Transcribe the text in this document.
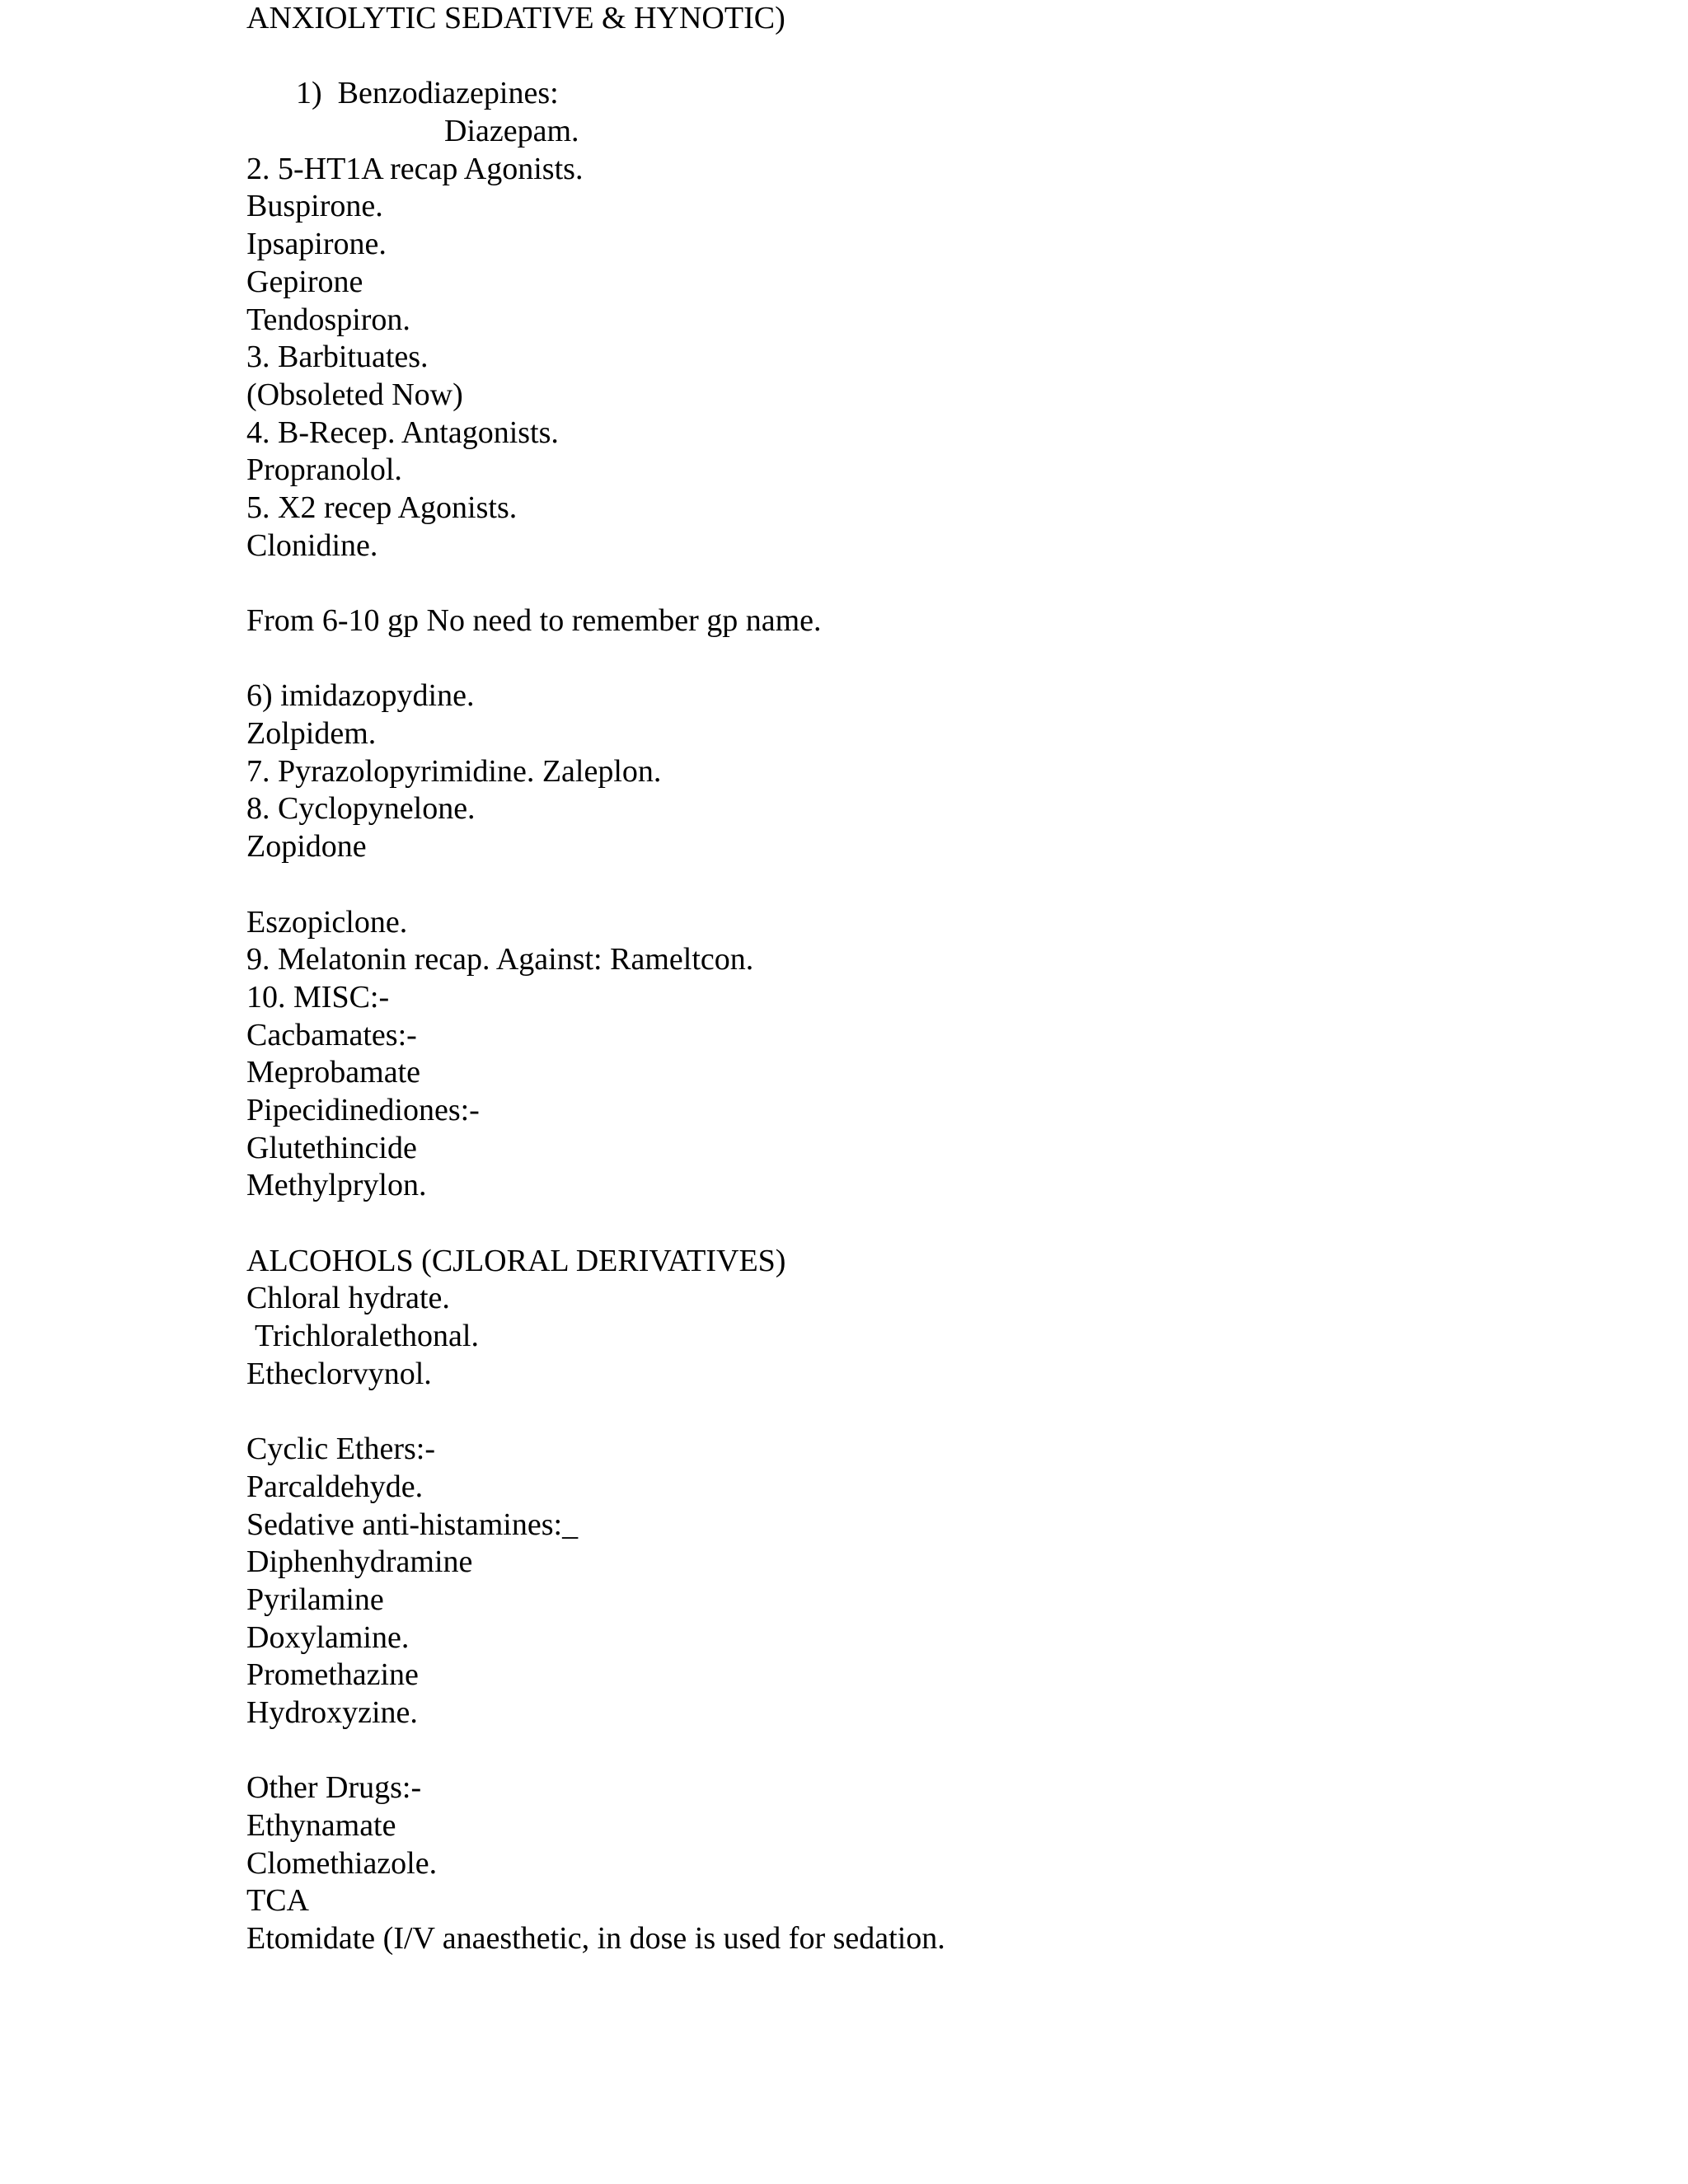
ANXIOLYTIC SEDATIVE & HYNOTIC)
1)  Benzodiazepines:
Diazepam.
2. 5-HT1A recap Agonists.
Buspirone.
Ipsapirone.
Gepirone
Tendospiron.
3. Barbituates.
(Obsoleted Now)
4. B-Recep. Antagonists.
Propranolol.
5. X2 recep Agonists.
Clonidine.
From 6-10 gp No need to remember gp name.
6) imidazopydine.
Zolpidem.
7. Pyrazolopyrimidine. Zaleplon.
8. Cyclopynelone.
Zopidone
Eszopiclone.
9. Melatonin recap. Against: Rameltcon.
10. MISC:-
Cacbamates:-
Meprobamate
Pipecidinediones:-
Glutethincide
Methylprylon.
ALCOHOLS (CJLORAL DERIVATIVES)
Chloral hydrate.
Trichloralethonal.
Etheclorvynol.
Cyclic Ethers:-
Parcaldehyde.
Sedative anti-histamines:_
Diphenhydramine
Pyrilamine
Doxylamine.
Promethazine
Hydroxyzine.
Other Drugs:-
Ethynamate
Clomethiazole.
TCA
Etomidate (I/V anaesthetic, in dose is used for sedation.
